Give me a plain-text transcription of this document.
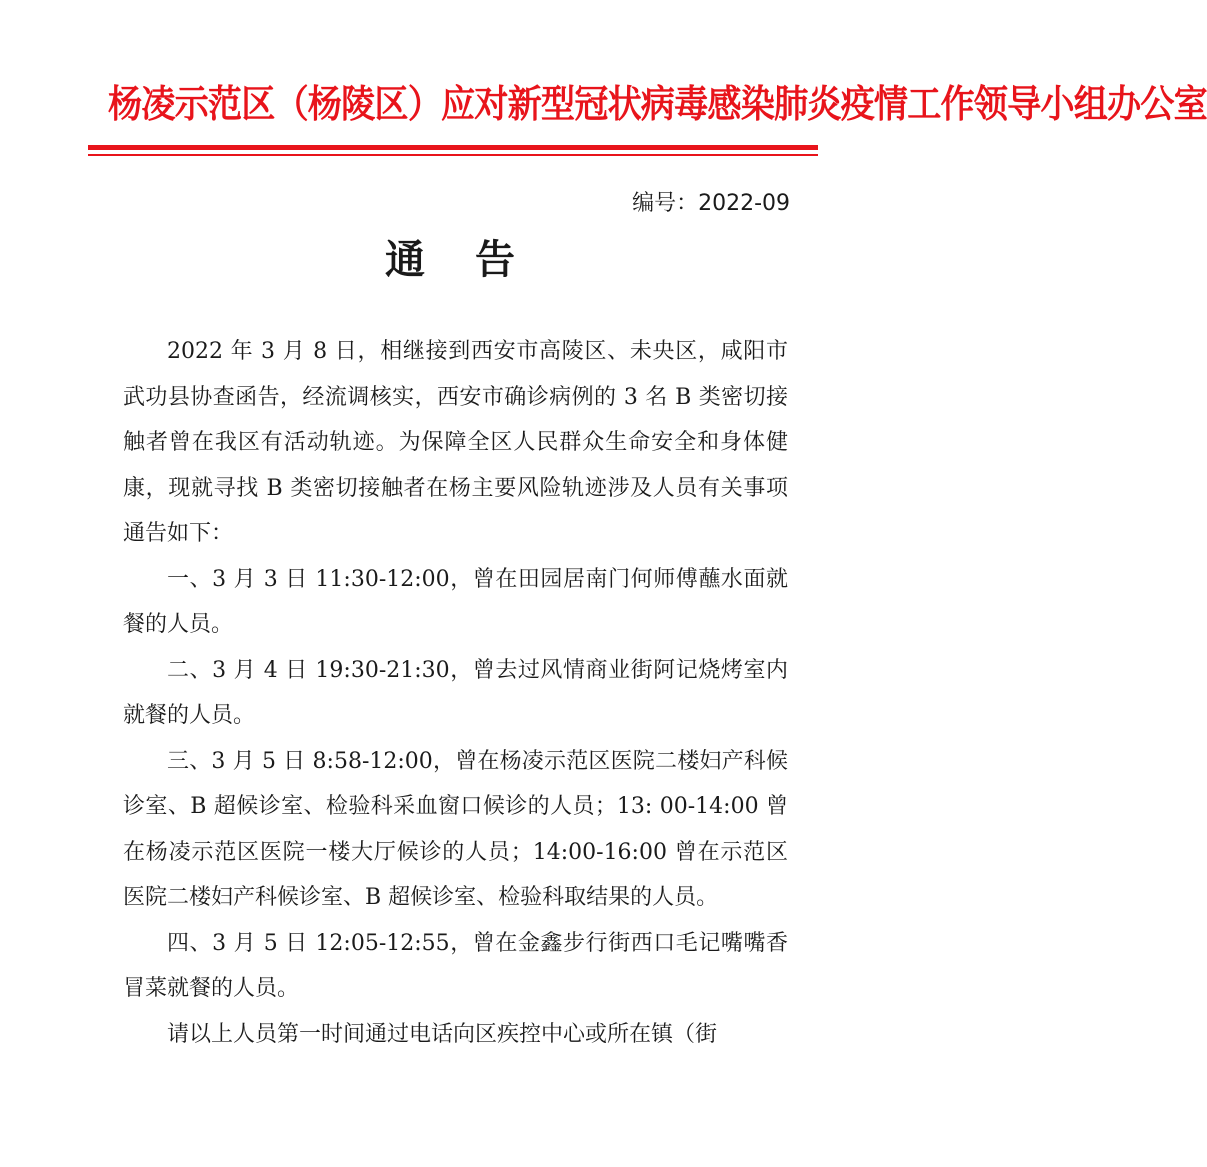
杨凌示范区（杨陵区）应对新型冠状病毒感染肺炎疫情工作领导小组办公室
编号：2022-09
通告

2022 年 3 月 8 日，相继接到西安市高陵区、未央区，咸阳市武功县协查函告，经流调核实，西安市确诊病例的 3 名 B 类密切接触者曾在我区有活动轨迹。为保障全区人民群众生命安全和身体健康，现就寻找 B 类密切接触者在杨主要风险轨迹涉及人员有关事项通告如下：

一、3 月 3 日 11:30-12:00，曾在田园居南门何师傅蘸水面就餐的人员。

二、3 月 4 日 19:30-21:30，曾去过风情商业街阿记烧烤室内就餐的人员。

三、3 月 5 日 8:58-12:00，曾在杨凌示范区医院二楼妇产科候诊室、B 超候诊室、检验科采血窗口候诊的人员；13: 00-14:00 曾在杨凌示范区医院一楼大厅候诊的人员；14:00-16:00 曾在示范区医院二楼妇产科候诊室、B 超候诊室、检验科取结果的人员。

四、3 月 5 日 12:05-12:55，曾在金鑫步行街西口毛记嘴嘴香冒菜就餐的人员。

请以上人员第一时间通过电话向区疾控中心或所在镇（街
